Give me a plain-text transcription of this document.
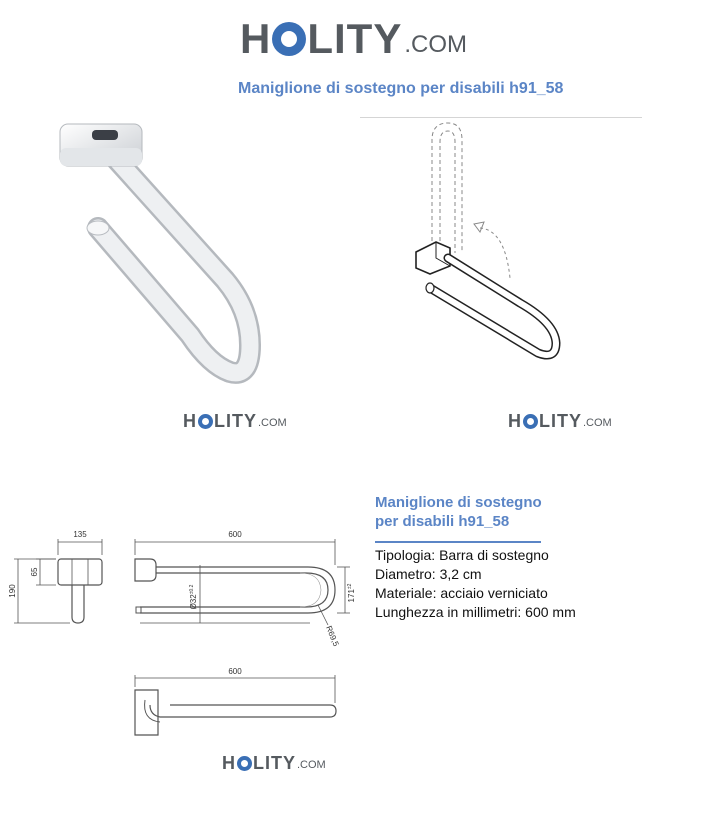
H LITY .COM
Maniglione di sostegno per disabili h91_58
H LITY .COM	H LITY .COM
135	600
190
65
$Ø32^{\pm 0.2}$	$171^{\pm 2}$
R69,5
600
H LITY .COM
Maniglione di sostegno
per disabili h91_58
Tipologia: Barra di sostegno
Diametro: 3,2 cm
Materiale: acciaio verniciato
Lunghezza in millimetri: 600 mm
